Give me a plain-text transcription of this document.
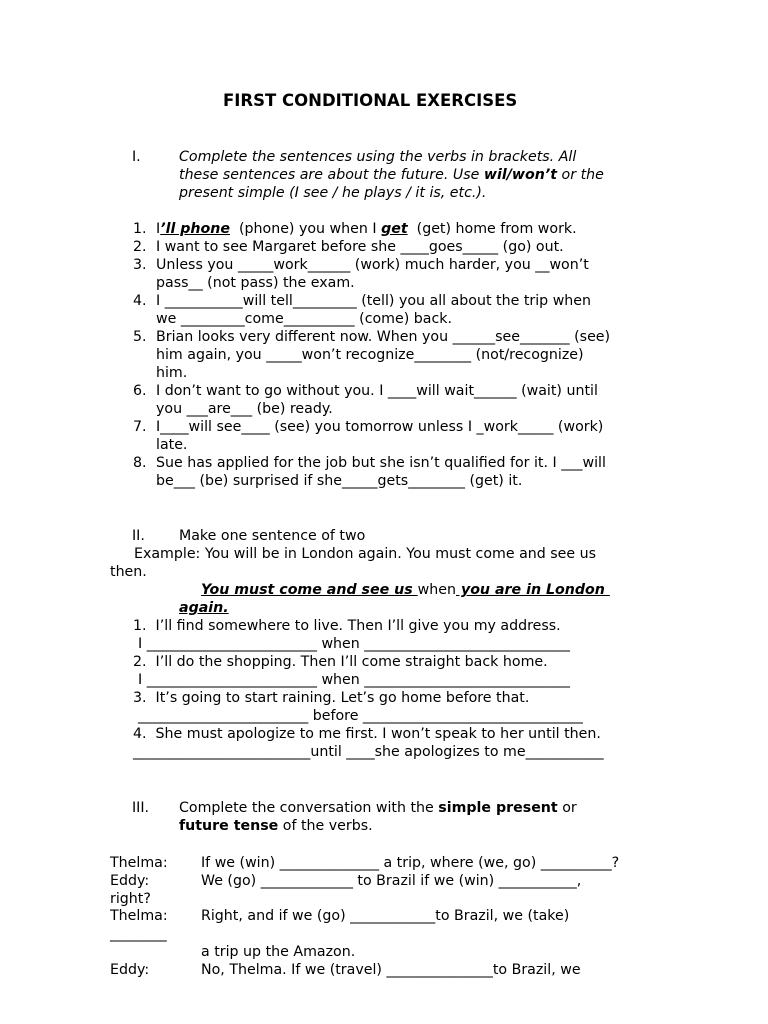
FIRST CONDITIONAL EXERCISES
I.	Complete the sentences using the verbs in brackets. All
these sentences are about the future. Use wil/won’t or the
present simple (I see / he plays / it is, etc.).
1. I’ll phone  (phone) you when I get  (get) home from work.
2. I want to see Margaret before she ____goes_____ (go) out.
3. Unless you _____work______ (work) much harder, you __won’t
pass__ (not pass) the exam.
4. I ___________will tell_________ (tell) you all about the trip when
we _________come__________ (come) back.
5. Brian looks very different now. When you ______see_______ (see)
him again, you _____won’t recognize________ (not/recognize)
him.
6. I don’t want to go without you. I ____will wait______ (wait) until
you ___are___ (be) ready.
7. I____will see____ (see) you tomorrow unless I _work_____ (work)
late.
8. Sue has applied for the job but she isn’t qualified for it. I ___will
be___ (be) surprised if she_____gets________ (get) it.
II. Make one sentence of two
Example: You will be in London again. You must come and see us
then.
You must come and see us when you are in London
again.
1.  I’ll find somewhere to live. Then I’ll give you my address.
I ________________________ when _____________________________
2.  I’ll do the shopping. Then I’ll come straight back home.
I ________________________ when _____________________________
3.  It’s going to start raining. Let’s go home before that.
________________________ before _______________________________
4.  She must apologize to me first. I won’t speak to her until then.
_________________________until ____she apologizes to me___________
III. Complete the conversation with the simple present or
future tense of the verbs.
Thelma: If we (win) ______________ a trip, where (we, go) __________?
Eddy:	We (go) _____________ to Brazil if we (win) ___________,
right?
Thelma: Right, and if we (go) ____________to Brazil, we (take)
________
a trip up the Amazon.
Eddy:	No, Thelma. If we (travel) _______________to Brazil, we
